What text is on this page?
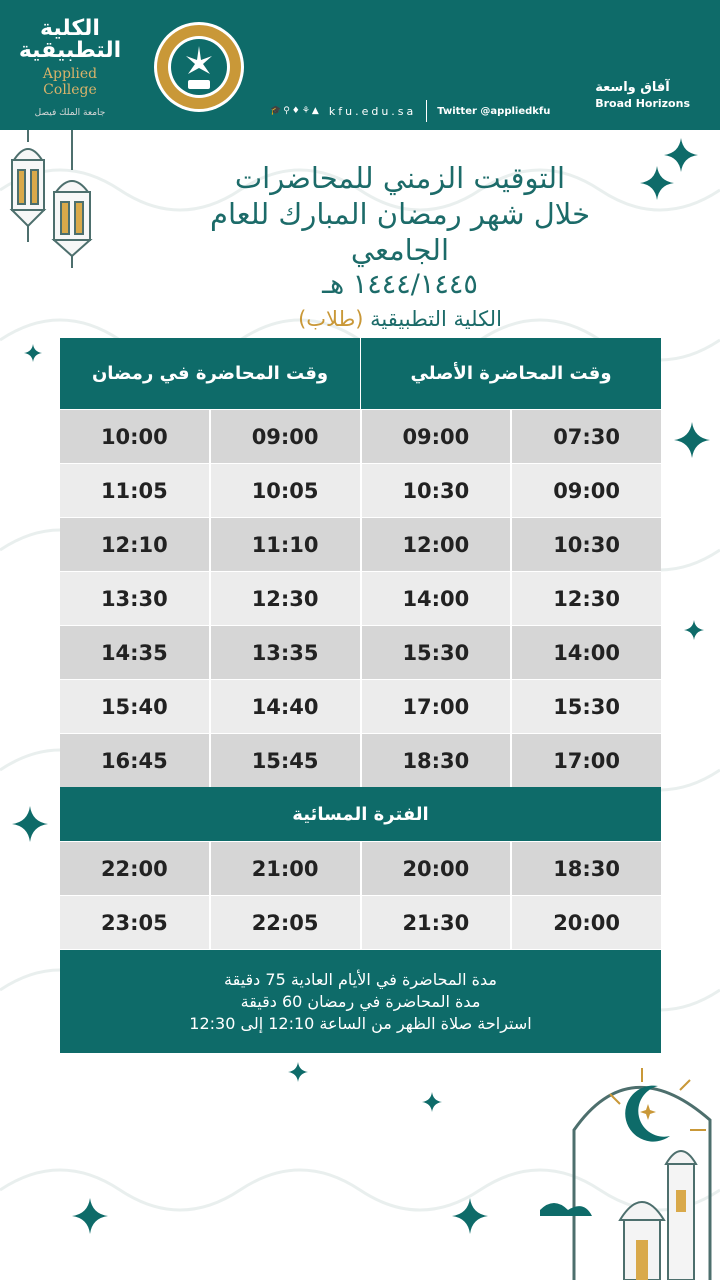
الكلية التطبيقية
Applied College
جامعة الملك فيصل	🎓⚲♦⚘▲ kfu.edu.sa Twitter @appliedkfu
آفاق واسعة
Broad Horizons
التوقيت الزمني للمحاضرات
خلال شهر رمضان المبارك للعام الجامعي
١٤٤٤/١٤٤٥ هـ
الكلية التطبيقية (طلاب)
وقت المحاضرة في رمضان	وقت المحاضرة الأصلي
10:00	09:00	09:00	07:30
11:05	10:05	10:30	09:00
12:10	11:10	12:00	10:30
13:30	12:30	14:00	12:30
14:35	13:35	15:30	14:00
15:40	14:40	17:00	15:30
16:45	15:45	18:30	17:00
الفترة المسائية
22:00	21:00	20:00	18:30
23:05	22:05	21:30	20:00
مدة المحاضرة في الأيام العادية 75 دقيقة
مدة المحاضرة في رمضان 60 دقيقة
استراحة صلاة الظهر من الساعة 12:10 إلى 12:30
